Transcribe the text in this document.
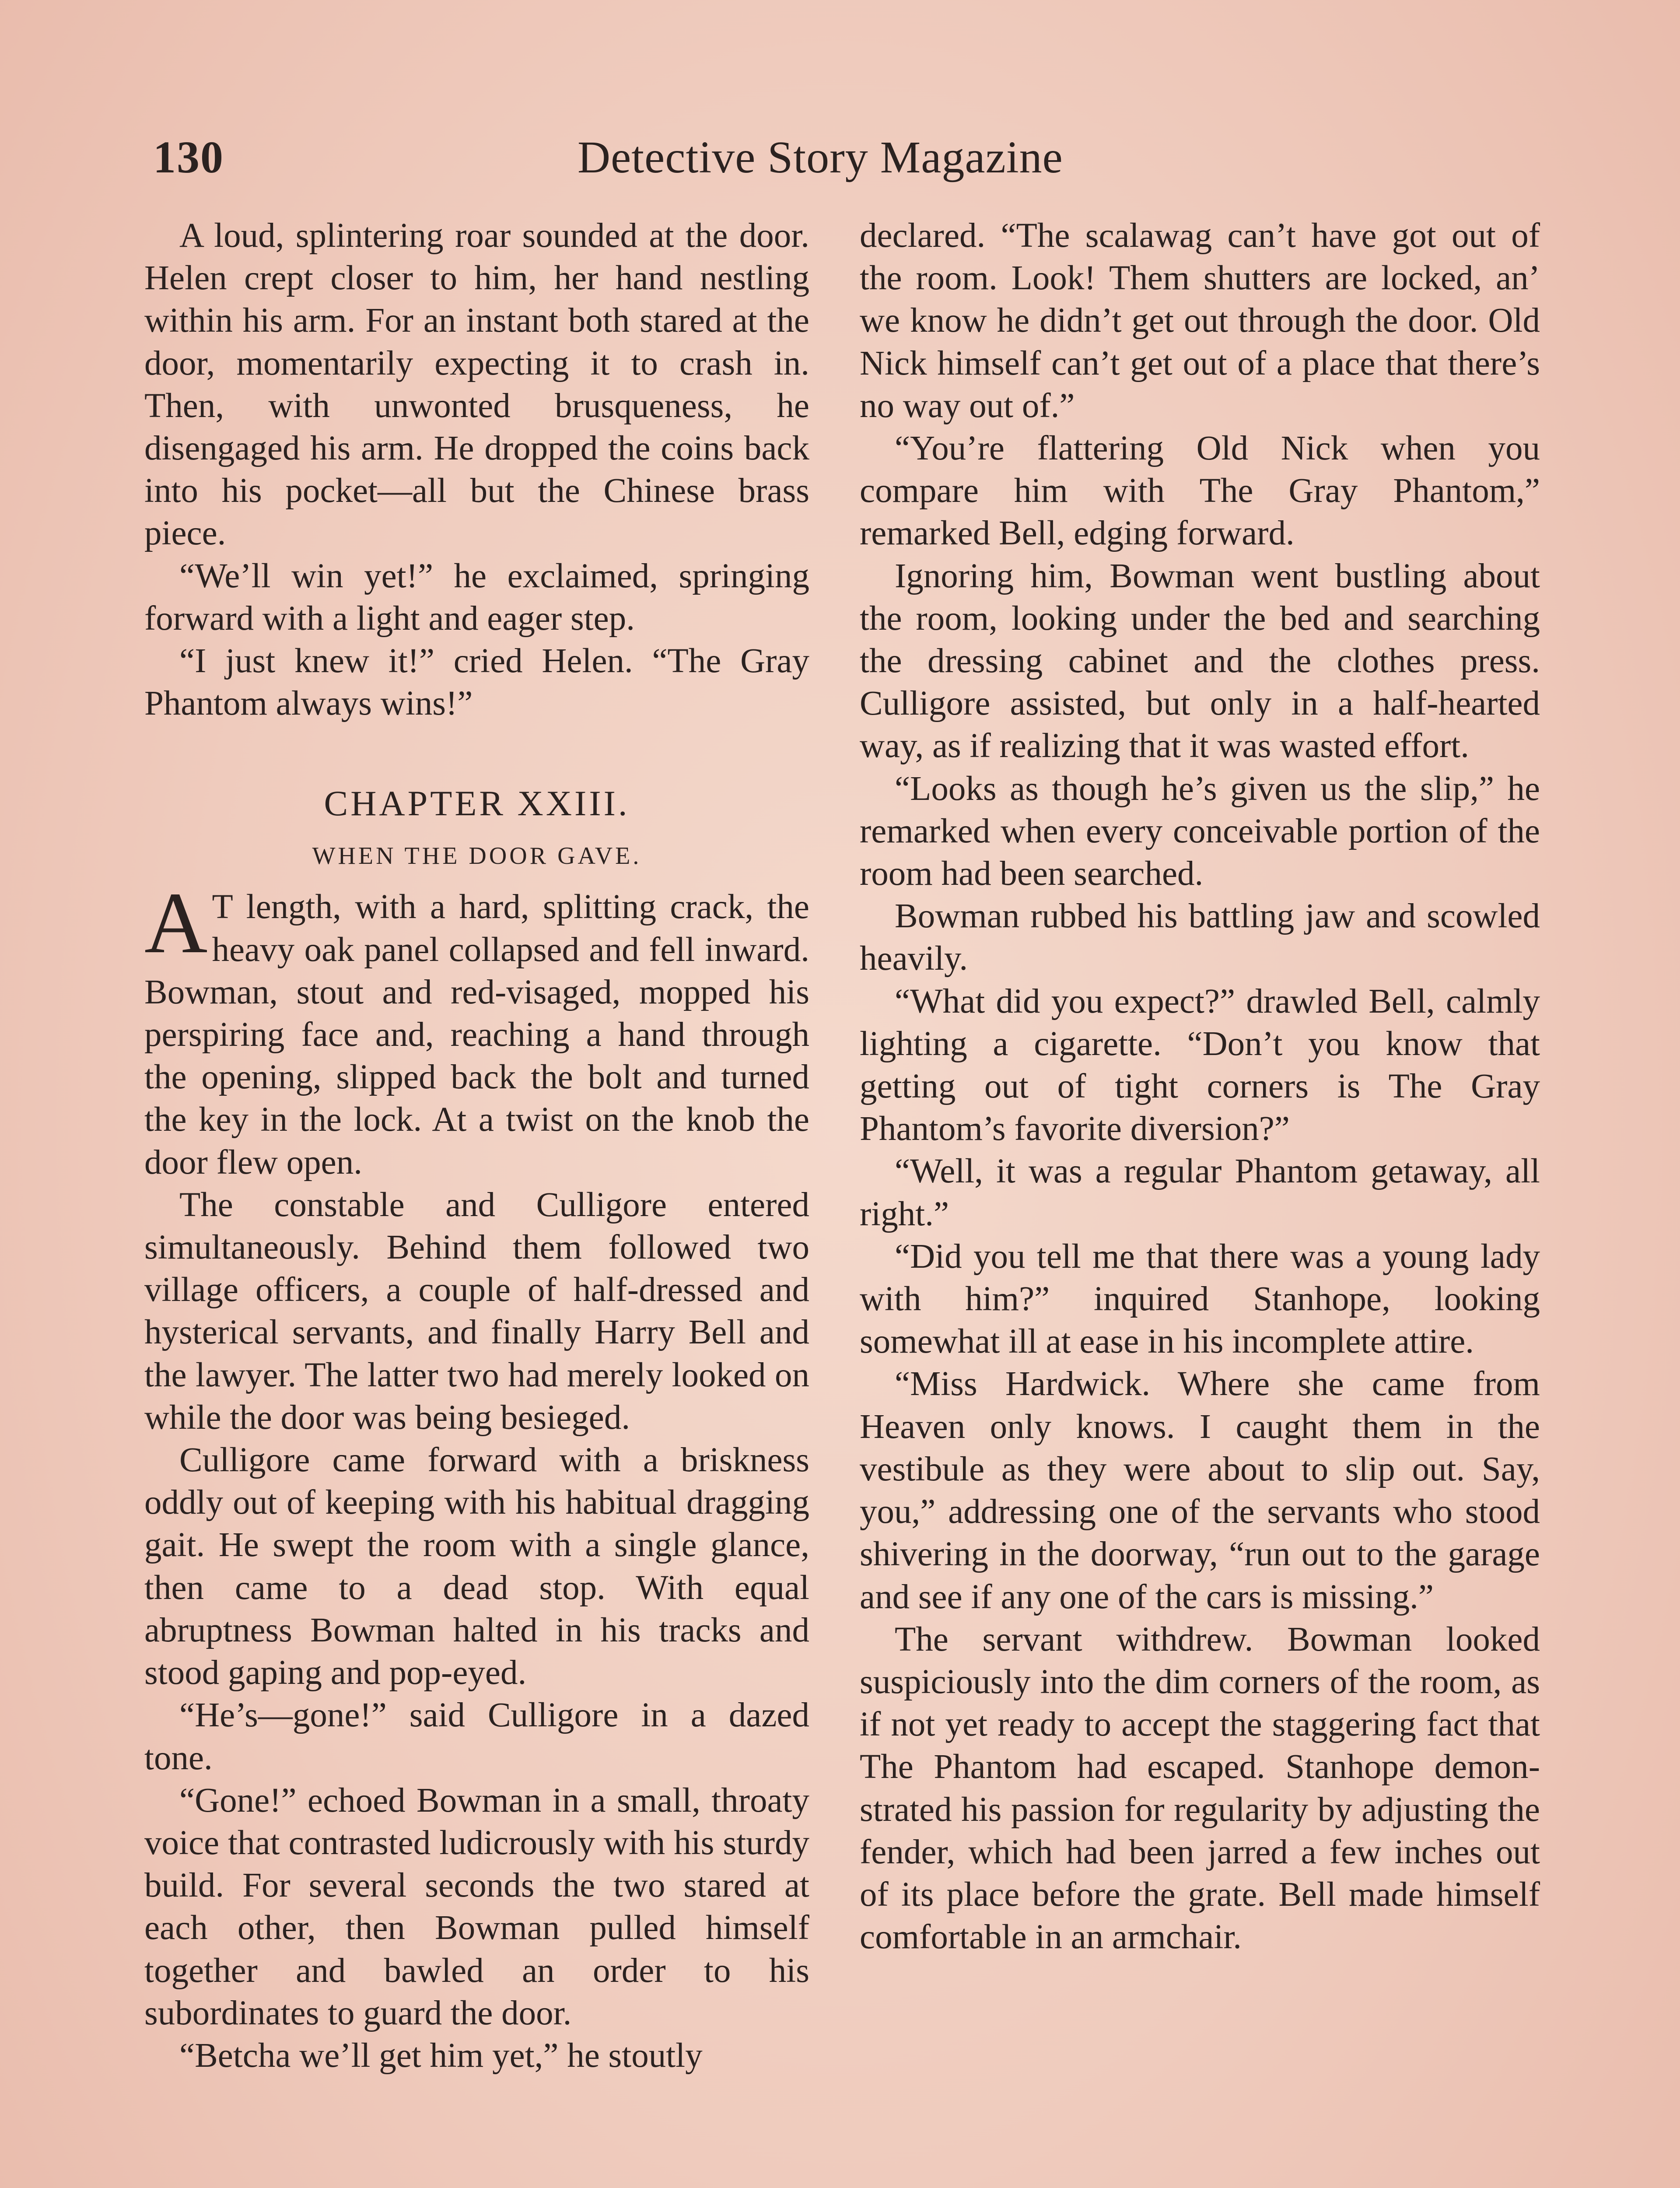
130	Detective Story Magazine

A loud, splintering roar sounded at the door. Helen crept closer to him, her hand nestling within his arm. For an instant both stared at the door, momentarily expecting it to crash in. Then, with unwonted brusqueness, he disengaged his arm. He dropped the coins back into his pocket—all but the Chinese brass piece.

“We’ll win yet!” he exclaimed, springing forward with a light and eager step.

“I just knew it!” cried Helen. “The Gray Phantom always wins!”

CHAPTER XXIII.

WHEN THE DOOR GAVE.

A T length, with a hard, splitting crack, the heavy oak panel collapsed and fell inward. Bowman, stout and red-visaged, mopped his perspiring face and, reaching a hand through the opening, slipped back the bolt and turned the key in the lock. At a twist on the knob the door flew open.

The constable and Culligore entered simultaneously. Behind them followed two village officers, a couple of half-dressed and hysterical servants, and finally Harry Bell and the lawyer. The latter two had merely looked on while the door was being besieged.

Culligore came forward with a briskness oddly out of keeping with his habitual dragging gait. He swept the room with a single glance, then came to a dead stop. With equal abruptness Bowman halted in his tracks and stood gaping and pop-eyed.

“He’s—gone!” said Culligore in a dazed tone.

“Gone!” echoed Bowman in a small, throaty voice that contrasted ludicrously with his sturdy build. For several seconds the two stared at each other, then Bowman pulled himself together and bawled an order to his subordinates to guard the door.

“Betcha we’ll get him yet,” he stoutly

declared. “The scalawag can’t have got out of the room. Look! Them shutters are locked, an’ we know he didn’t get out through the door. Old Nick himself can’t get out of a place that there’s no way out of.”

“You’re flattering Old Nick when you compare him with The Gray Phantom,” remarked Bell, edging forward.

Ignoring him, Bowman went bustling about the room, looking under the bed and searching the dressing cabinet and the clothes press. Culligore assisted, but only in a half-hearted way, as if realizing that it was wasted effort.

“Looks as though he’s given us the slip,” he remarked when every conceivable portion of the room had been searched.

Bowman rubbed his battling jaw and scowled heavily.

“What did you expect?” drawled Bell, calmly lighting a cigarette. “Don’t you know that getting out of tight corners is The Gray Phantom’s favorite diversion?”

“Well, it was a regular Phantom getaway, all right.”

“Did you tell me that there was a young lady with him?” inquired Stanhope, looking somewhat ill at ease in his incomplete attire.

“Miss Hardwick. Where she came from Heaven only knows. I caught them in the vestibule as they were about to slip out. Say, you,” addressing one of the servants who stood shivering in the doorway, “run out to the garage and see if any one of the cars is missing.”

The servant withdrew. Bowman looked suspiciously into the dim corners of the room, as if not yet ready to accept the staggering fact that The Phantom had escaped. Stanhope demonstrated his passion for regularity by adjusting the fender, which had been jarred a few inches out of its place before the grate. Bell made himself comfortable in an armchair.
